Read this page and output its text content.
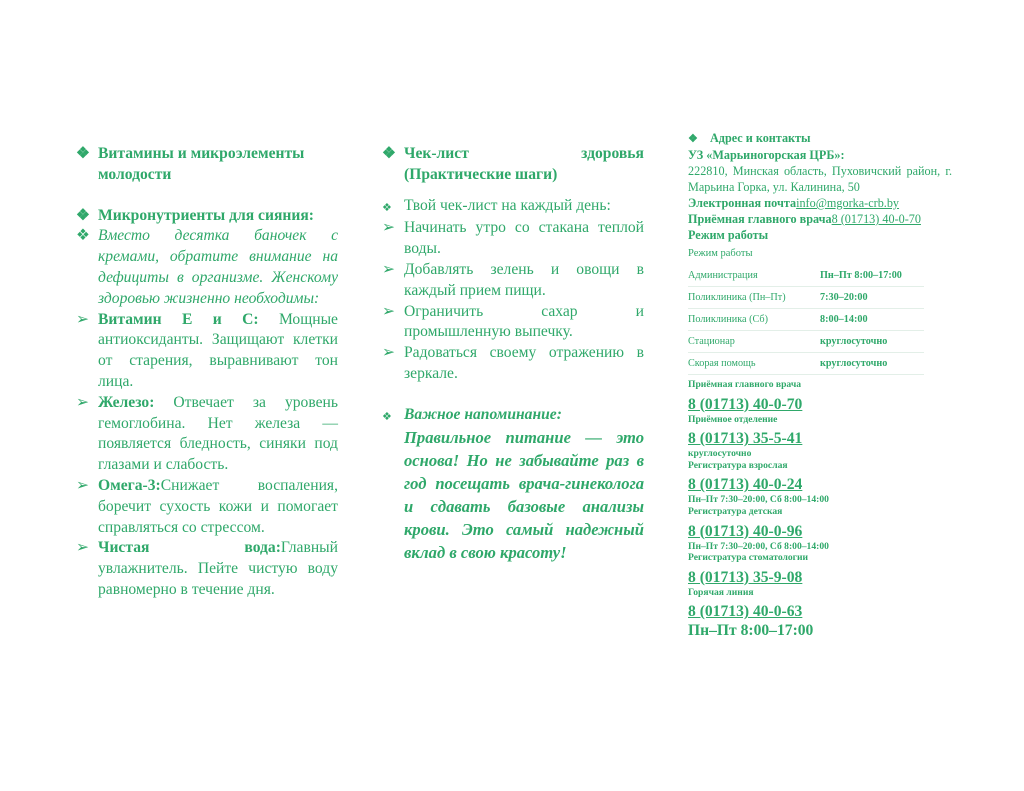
❖ Витамины и микроэлементы молодости
❖ Микронутриенты для сияния:
❖ Вместо десятка баночек с кремами, обратите внимание на дефициты в организме. Женскому здоровью жизненно необходимы:
➢ Витамин Е и С: Мощные антиоксиданты. Защищают клетки от старения, выравнивают тон лица.
➢ Железо: Отвечает за уровень гемоглобина. Нет железа — появляется бледность, синяки под глазами и слабость.
➢ Омега-3:Снижает воспаления, боречит сухость кожи и помогает справляться со стрессом.
➢ Чистая вода:Главный увлажнитель. Пейте чистую воду равномерно в течение дня.
❖ Чек-лист здоровья (Практические шаги)
❖ Твой чек-лист на каждый день:
➢ Начинать утро со стакана теплой воды.
➢ Добавлять зелень и овощи в каждый прием пищи.
➢ Ограничить сахар и промышленную выпечку.
➢ Радоваться своему отражению в зеркале.
❖ Важное напоминание:
Правильное питание — это основа! Но не забывайте раз в год посещать врача-гинеколога и сдавать базовые анализы крови. Это самый надежный вклад в свою красоту!
❖ Адрес и контакты
УЗ «Марьиногорская ЦРБ»:
222810, Минская область, Пуховичский район, г. Марьина Горка, ул. Калинина, 50
Электронная почтаinfo@mgorka-crb.by
Приёмная главного врача8 (01713) 40-0-70
Режим работы
Режим работы
Администрация	Пн–Пт 8:00–17:00
Поликлиника (Пн–Пт)	7:30–20:00
Поликлиника (Сб)	8:00–14:00
Стационар	круглосуточно
Скорая помощь	круглосуточно
Приёмная главного врача
8 (01713) 40-0-70
Приёмное отделение
8 (01713) 35-5-41
круглосуточно
Регистратура взрослая
8 (01713) 40-0-24
Пн–Пт 7:30–20:00, Сб 8:00–14:00
Регистратура детская
8 (01713) 40-0-96
Пн–Пт 7:30–20:00, Сб 8:00–14:00
Регистратура стоматологии
8 (01713) 35-9-08
Горячая линия
8 (01713) 40-0-63
Пн–Пт 8:00–17:00
